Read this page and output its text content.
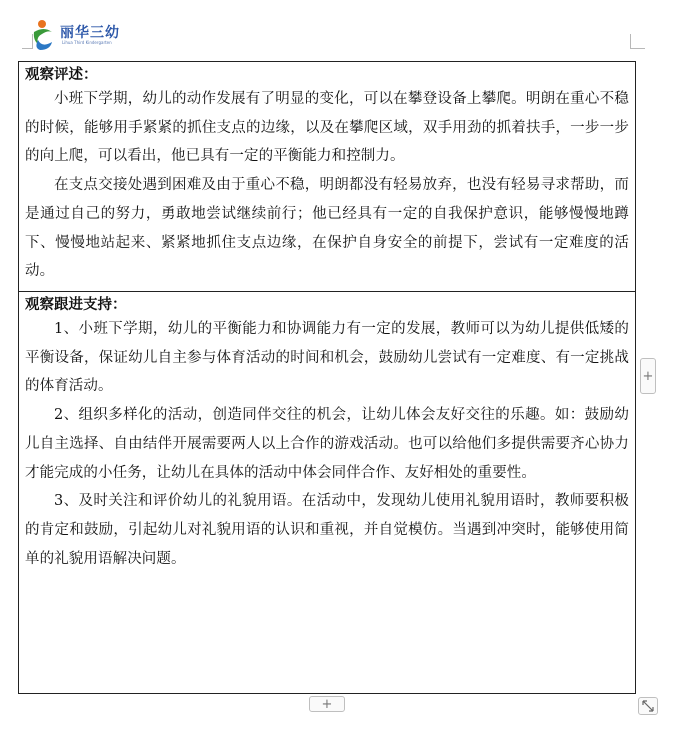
丽华三幼
Lihua Third Kindergarten

观察评述：

小班下学期，幼儿的动作发展有了明显的变化，可以在攀登设备上攀爬。明朗在重心不稳的时候，能够用手紧紧的抓住支点的边缘，以及在攀爬区域，双手用劲的抓着扶手，一步一步的向上爬，可以看出，他已具有一定的平衡能力和控制力。

在支点交接处遇到困难及由于重心不稳，明朗都没有轻易放弃，也没有轻易寻求帮助，而是通过自己的努力，勇敢地尝试继续前行；他已经具有一定的自我保护意识，能够慢慢地蹲下、慢慢地站起来、紧紧地抓住支点边缘，在保护自身安全的前提下，尝试有一定难度的活动。

观察跟进支持：

1、小班下学期，幼儿的平衡能力和协调能力有一定的发展，教师可以为幼儿提供低矮的平衡设备，保证幼儿自主参与体育活动的时间和机会，鼓励幼儿尝试有一定难度、有一定挑战的体育活动。

2、组织多样化的活动，创造同伴交往的机会，让幼儿体会友好交往的乐趣。如：鼓励幼儿自主选择、自由结伴开展需要两人以上合作的游戏活动。也可以给他们多提供需要齐心协力才能完成的小任务，让幼儿在具体的活动中体会同伴合作、友好相处的重要性。

3、及时关注和评价幼儿的礼貌用语。在活动中，发现幼儿使用礼貌用语时，教师要积极的肯定和鼓励，引起幼儿对礼貌用语的认识和重视，并自觉模仿。当遇到冲突时，能够使用简单的礼貌用语解决问题。

+
+
